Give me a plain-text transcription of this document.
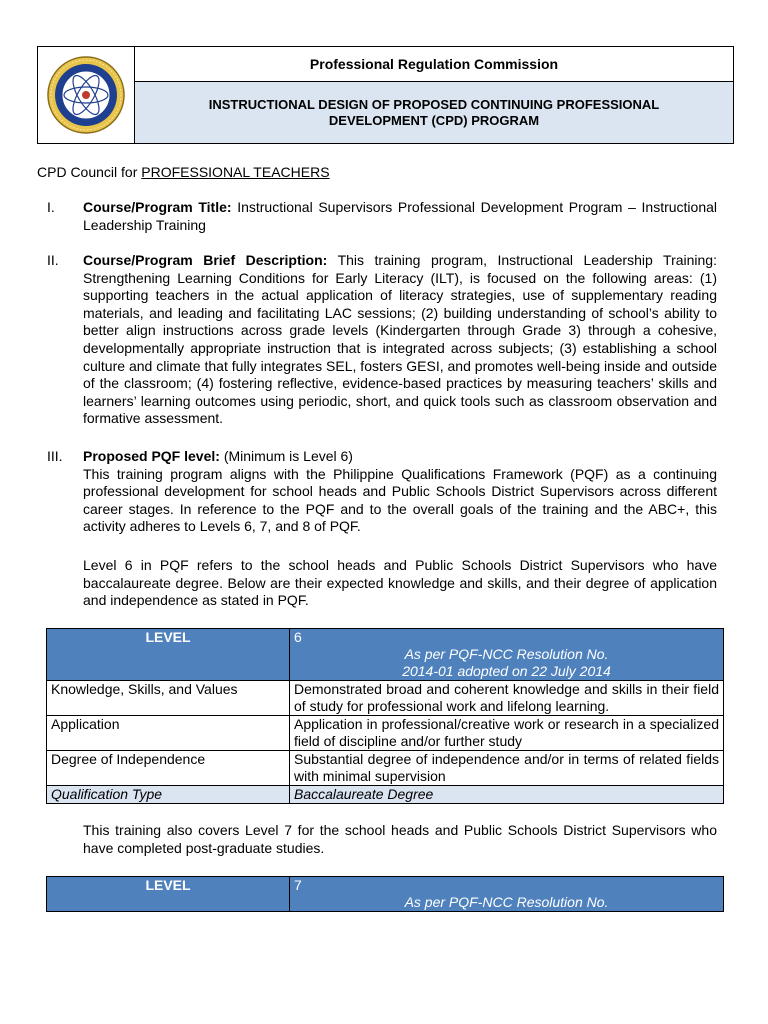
Professional Regulation Commission
INSTRUCTIONAL DESIGN OF PROPOSED CONTINUING PROFESSIONAL DEVELOPMENT (CPD) PROGRAM
CPD Council for PROFESSIONAL TEACHERS
I.	Course/Program Title: Instructional Supervisors Professional Development Program – Instructional Leadership Training
II.	Course/Program Brief Description: This training program, Instructional Leadership Training: Strengthening Learning Conditions for Early Literacy (ILT), is focused on the following areas: (1) supporting teachers in the actual application of literacy strategies, use of supplementary reading materials, and leading and facilitating LAC sessions; (2) building understanding of school’s ability to better align instructions across grade levels (Kindergarten through Grade 3) through a cohesive, developmentally appropriate instruction that is integrated across subjects; (3) establishing a school culture and climate that fully integrates SEL, fosters GESI, and promotes well-being inside and outside of the classroom; (4) fostering reflective, evidence-based practices by measuring teachers’ skills and learners’ learning outcomes using periodic, short, and quick tools such as classroom observation and formative assessment.
III.	Proposed PQF level: (Minimum is Level 6)
This training program aligns with the Philippine Qualifications Framework (PQF) as a continuing professional development for school heads and Public Schools District Supervisors across different career stages. In reference to the PQF and to the overall goals of the training and the ABC+, this activity adheres to Levels 6, 7, and 8 of PQF.
Level 6 in PQF refers to the school heads and Public Schools District Supervisors who have baccalaureate degree. Below are their expected knowledge and skills, and their degree of application and independence as stated in PQF.
LEVEL	6
As per PQF-NCC Resolution No.
2014-01 adopted on 22 July 2014

Knowledge, Skills, and Values	Demonstrated broad and coherent knowledge and skills in their field of study for professional work and lifelong learning.
Application	Application in professional/creative work or research in a specialized field of discipline and/or further study
Degree of Independence	Substantial degree of independence and/or in terms of related fields with minimal supervision
Qualification Type	Baccalaureate Degree
This training also covers Level 7 for the school heads and Public Schools District Supervisors who have completed post-graduate studies.
LEVEL	7
As per PQF-NCC Resolution No.
